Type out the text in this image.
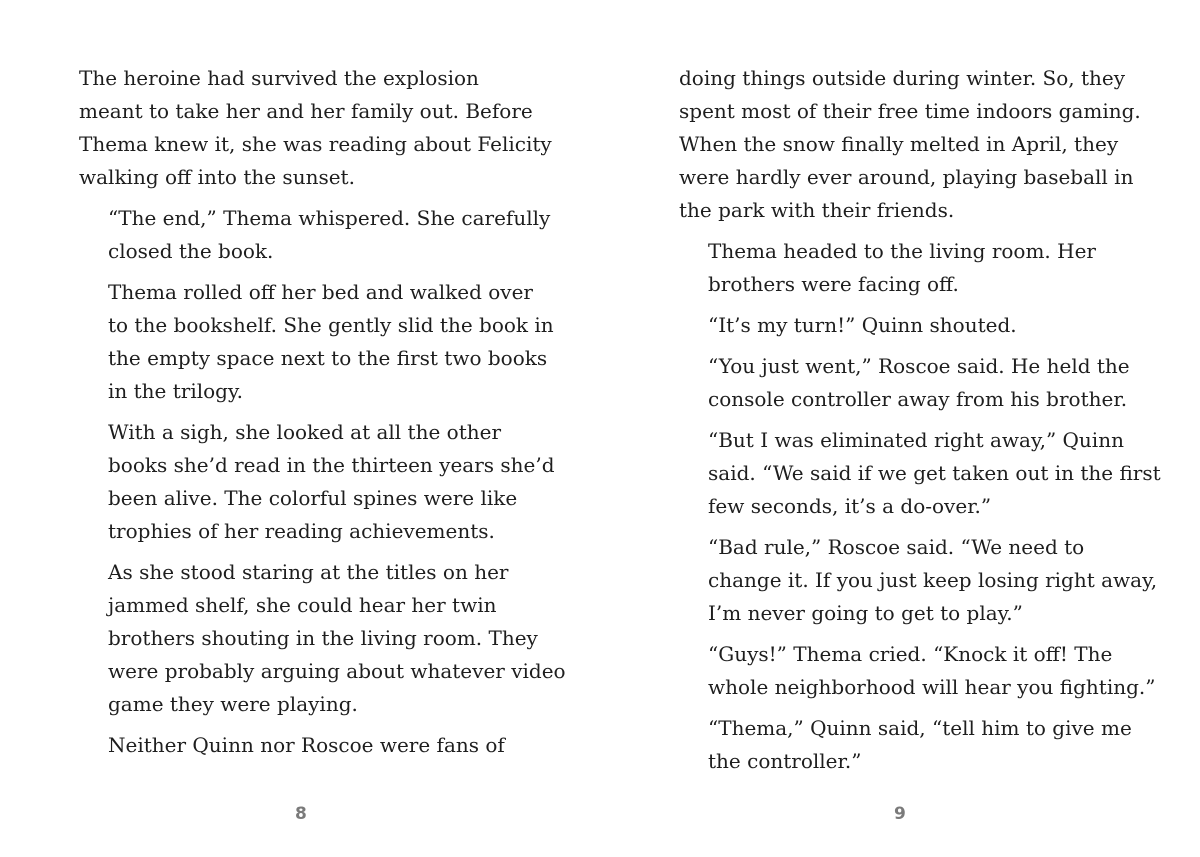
The heroine had survived the explosion
meant to take her and her family out. Before
Thema knew it, she was reading about Felicity
walking off into the sunset.

“The end,” Thema whispered. She carefully
closed the book.

Thema rolled off her bed and walked over
to the bookshelf. She gently slid the book in
the empty space next to the first two books
in the trilogy.

With a sigh, she looked at all the other
books she’d read in the thirteen years she’d
been alive. The colorful spines were like
trophies of her reading achievements.

As she stood staring at the titles on her
jammed shelf, she could hear her twin
brothers shouting in the living room. They
were probably arguing about whatever video
game they were playing.

Neither Quinn nor Roscoe were fans of

doing things outside during winter. So, they
spent most of their free time indoors gaming.
When the snow finally melted in April, they
were hardly ever around, playing baseball in
the park with their friends.

Thema headed to the living room. Her
brothers were facing off.

“It’s my turn!” Quinn shouted.

“You just went,” Roscoe said. He held the
console controller away from his brother.

“But I was eliminated right away,” Quinn
said. “We said if we get taken out in the first
few seconds, it’s a do-over.”

“Bad rule,” Roscoe said. “We need to
change it. If you just keep losing right away,
I’m never going to get to play.”

“Guys!” Thema cried. “Knock it off! The
whole neighborhood will hear you fighting.”

“Thema,” Quinn said, “tell him to give me
the controller.”

8	9
